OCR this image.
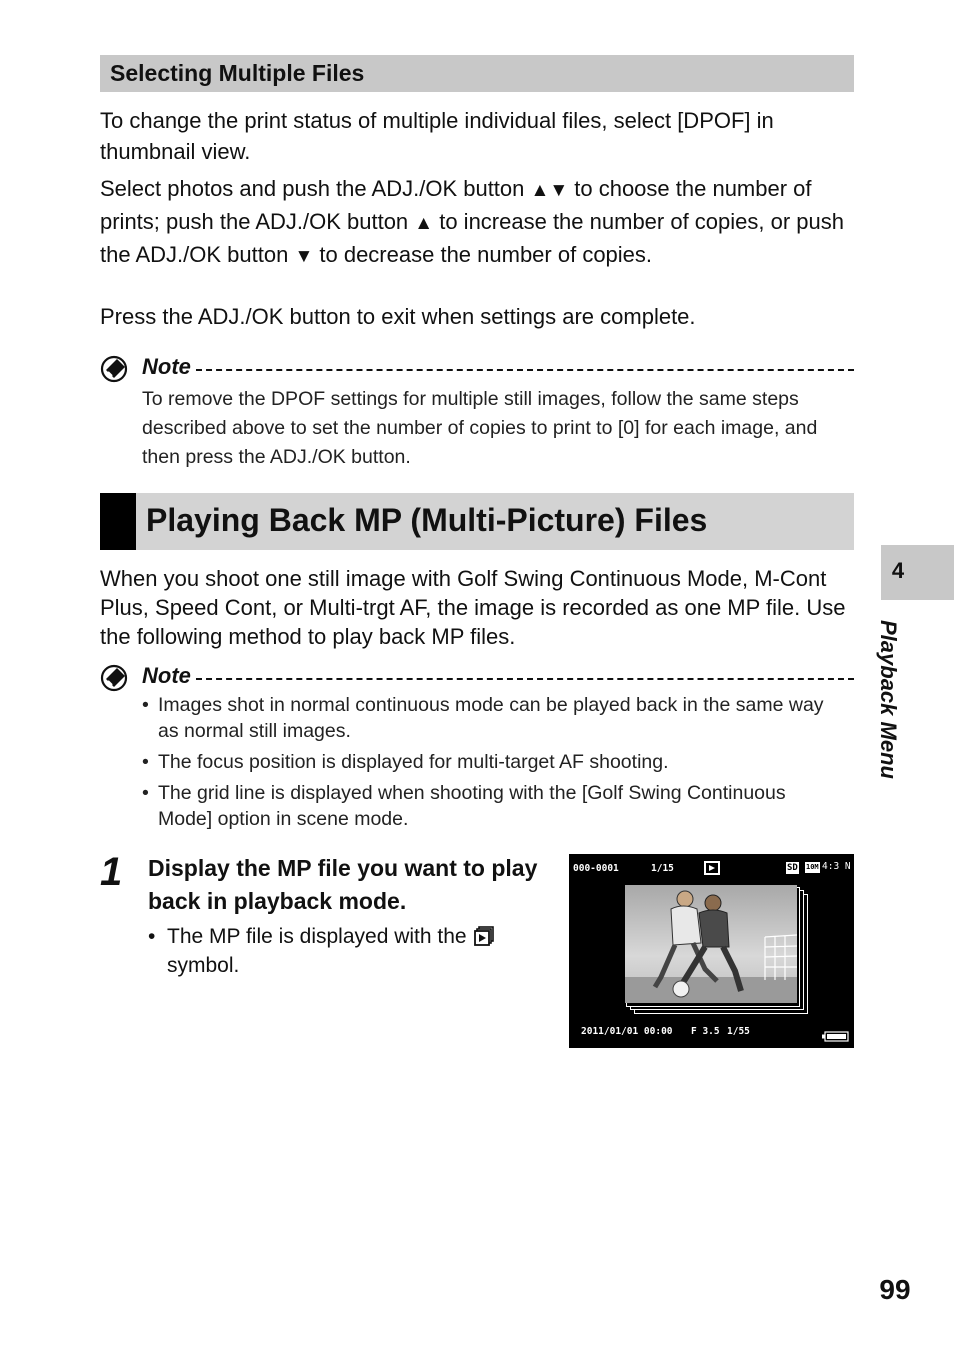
Selecting Multiple Files

To change the print status of multiple individual files, select [DPOF] in thumbnail view.

Select photos and push the ADJ./OK button ▲▼ to choose the number of prints; push the ADJ./OK button ▲ to increase the number of copies, or push the ADJ./OK button ▼ to decrease the number of copies.

Press the ADJ./OK button to exit when settings are complete.

Note

To remove the DPOF settings for multiple still images, follow the same steps described above to set the number of copies to print to [0] for each image, and then press the ADJ./OK button.

Playing Back MP (Multi-Picture) Files

When you shoot one still image with Golf Swing Continuous Mode, M-Cont Plus, Speed Cont, or Multi-trgt AF, the image is recorded as one MP file. Use the following method to play back MP files.

Note
• Images shot in normal continuous mode can be played back in the same way as normal still images.
• The focus position is displayed for multi-target AF shooting.
• The grid line is displayed when shooting with the [Golf Swing Continuous Mode] option in scene mode.
1 Display the MP file you want to play back in playback mode.

• The MP file is displayed with the  symbol.
000-0001	1/15	SD 10M 4:3 N
2011/01/01 00:00 F 3.5 1/55
4
Playback Menu
99
